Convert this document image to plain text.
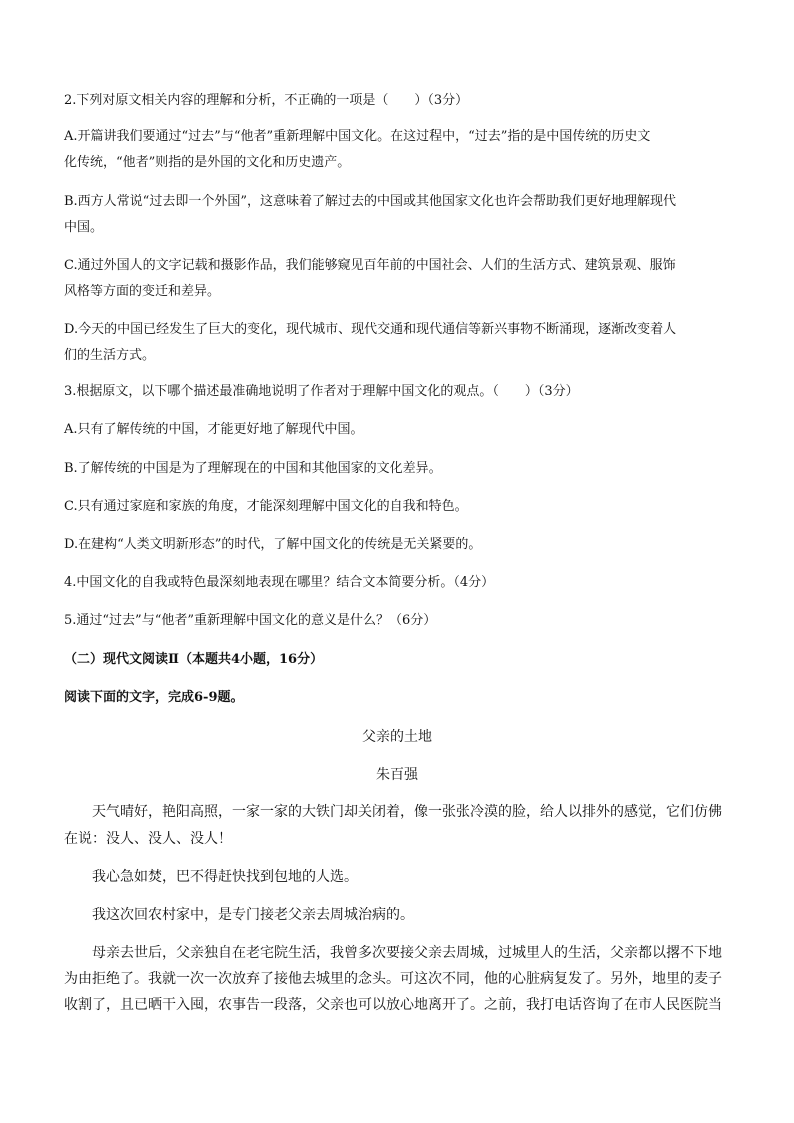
2.下列对原文相关内容的理解和分析，不正确的一项是（　　）（3分）
A.开篇讲我们要通过“过去”与“他者”重新理解中国文化。在这过程中，“过去”指的是中国传统的历史文
化传统，“他者”则指的是外国的文化和历史遗产。
B.西方人常说“过去即一个外国”，这意味着了解过去的中国或其他国家文化也许会帮助我们更好地理解现代
中国。
C.通过外国人的文字记载和摄影作品，我们能够窥见百年前的中国社会、人们的生活方式、建筑景观、服饰
风格等方面的变迁和差异。
D.今天的中国已经发生了巨大的变化，现代城市、现代交通和现代通信等新兴事物不断涌现，逐渐改变着人
们的生活方式。
3.根据原文，以下哪个描述最准确地说明了作者对于理解中国文化的观点。（　　）（3分）
A.只有了解传统的中国，才能更好地了解现代中国。
B.了解传统的中国是为了理解现在的中国和其他国家的文化差异。
C.只有通过家庭和家族的角度，才能深刻理解中国文化的自我和特色。
D.在建构“人类文明新形态”的时代，了解中国文化的传统是无关紧要的。
4.中国文化的自我或特色最深刻地表现在哪里？结合文本简要分析。（4分）
5.通过“过去”与“他者”重新理解中国文化的意义是什么？（6分）
（二）现代文阅读Ⅱ（本题共4小题，16分）
阅读下面的文字，完成6-9题。
父亲的土地
朱百强
天气晴好，艳阳高照，一家一家的大铁门却关闭着，像一张张冷漠的脸，给人以排外的感觉，它们仿佛
在说：没人、没人、没人！
我心急如焚，巴不得赶快找到包地的人选。
我这次回农村家中，是专门接老父亲去周城治病的。
母亲去世后，父亲独自在老宅院生活，我曾多次要接父亲去周城，过城里人的生活，父亲都以撂不下地
为由拒绝了。我就一次一次放弃了接他去城里的念头。可这次不同，他的心脏病复发了。另外，地里的麦子
收割了，且已晒干入囤，农事告一段落，父亲也可以放心地离开了。之前，我打电话咨询了在市人民医院当
